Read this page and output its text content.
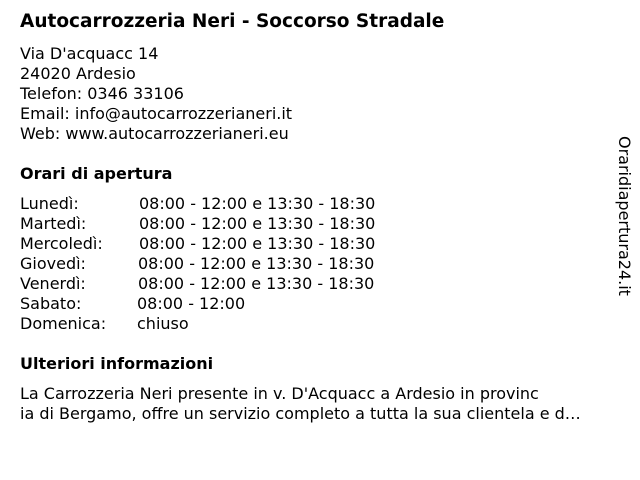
Autocarrozzeria Neri - Soccorso Stradale
Via D'acquacc 14
24020 Ardesio
Telefon: 0346 33106
Email: info@autocarrozzerianeri.it
Web: www.autocarrozzerianeri.eu
Orari di apertura
Lunedì:	08:00 - 12:00 e 13:30 - 18:30
Martedì:	08:00 - 12:00 e 13:30 - 18:30
Mercoledì: 08:00 - 12:00 e 13:30 - 18:30
Giovedì:	08:00 - 12:00 e 13:30 - 18:30
Venerdì:	08:00 - 12:00 e 13:30 - 18:30
Sabato:	08:00 - 12:00
Domenica: chiuso
Ulteriori informazioni
La Carrozzeria Neri presente in v. D'Acquacc a Ardesio in provinc
ia di Bergamo, offre un servizio completo a tutta la sua clientela e d…
Oraridiapertura24.it
